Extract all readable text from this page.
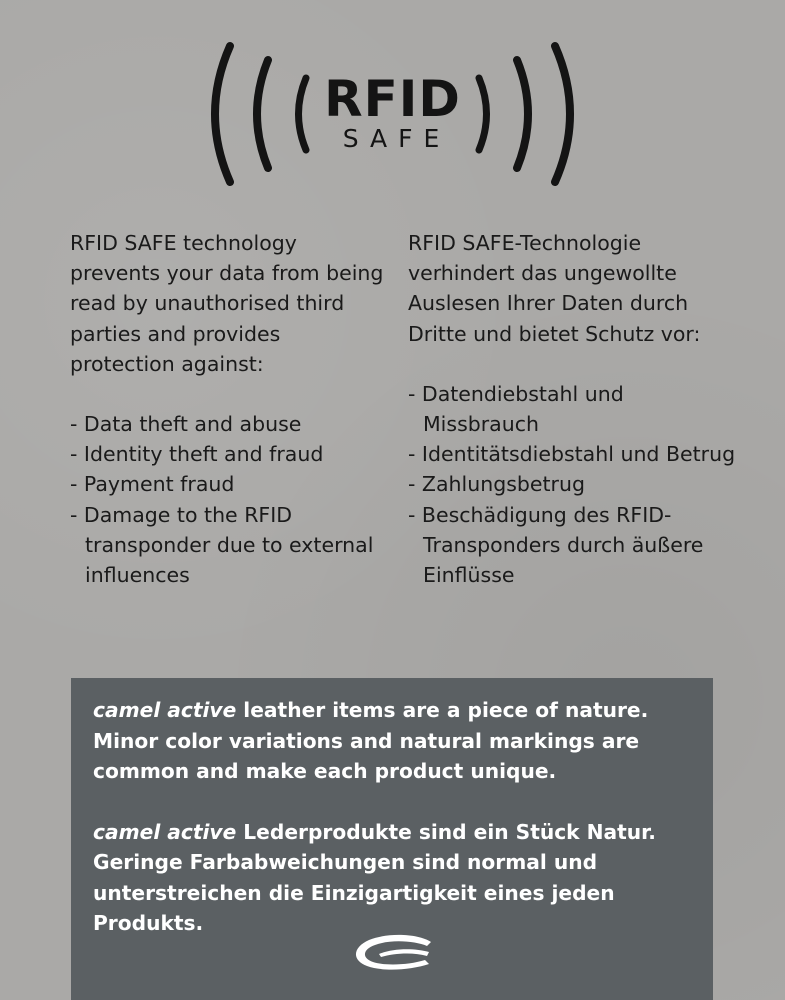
RFID
SAFE

RFID SAFE technology prevents your data from being read by unauthorised third parties and provides protection against:

- Data theft and abuse
- Identity theft and fraud
- Payment fraud
- Damage to the RFID transponder due to external influences

RFID SAFE-Technologie verhindert das ungewollte Auslesen Ihrer Daten durch Dritte und bietet Schutz vor:

- Datendiebstahl und Missbrauch
- Identitätsdiebstahl und Betrug
- Zahlungsbetrug
- Beschädigung des RFID-Transponders durch äußere Einflüsse

camel active leather items are a piece of nature. Minor color variations and natural markings are common and make each product unique.

camel active Lederprodukte sind ein Stück Natur. Geringe Farbabweichungen sind normal und unterstreichen die Einzigartigkeit eines jeden Produkts.
